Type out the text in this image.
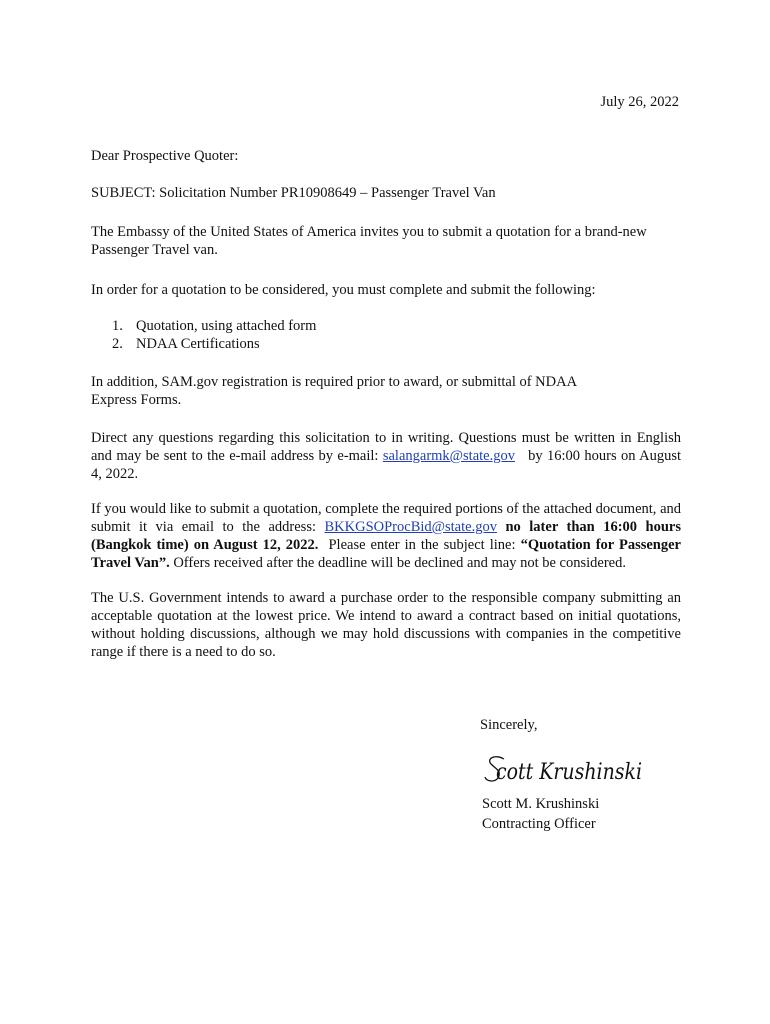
July 26, 2022

Dear Prospective Quoter:

SUBJECT: Solicitation Number PR10908649 – Passenger Travel Van

The Embassy of the United States of America invites you to submit a quotation for a brand-new Passenger Travel van.

In order for a quotation to be considered, you must complete and submit the following:

1. Quotation, using attached form
2. NDAA Certifications

In addition, SAM.gov registration is required prior to award, or submittal of NDAA Express Forms.

Direct any questions regarding this solicitation to in writing. Questions must be written in English and may be sent to the e-mail address by e-mail: salangarmk@state.gov   by 16:00 hours on August 4, 2022.

If you would like to submit a quotation, complete the required portions of the attached document, and submit it via email to the address: BKKGSOProcBid@state.gov no later than 16:00 hours (Bangkok time) on August 12, 2022.  Please enter in the subject line: “Quotation for Passenger Travel Van”. Offers received after the deadline will be declined and may not be considered.

The U.S. Government intends to award a purchase order to the responsible company submitting an acceptable quotation at the lowest price. We intend to award a contract based on initial quotations, without holding discussions, although we may hold discussions with companies in the competitive range if there is a need to do so.

Sincerely,
cott Krushinski
Scott M. Krushinski
Contracting Officer
